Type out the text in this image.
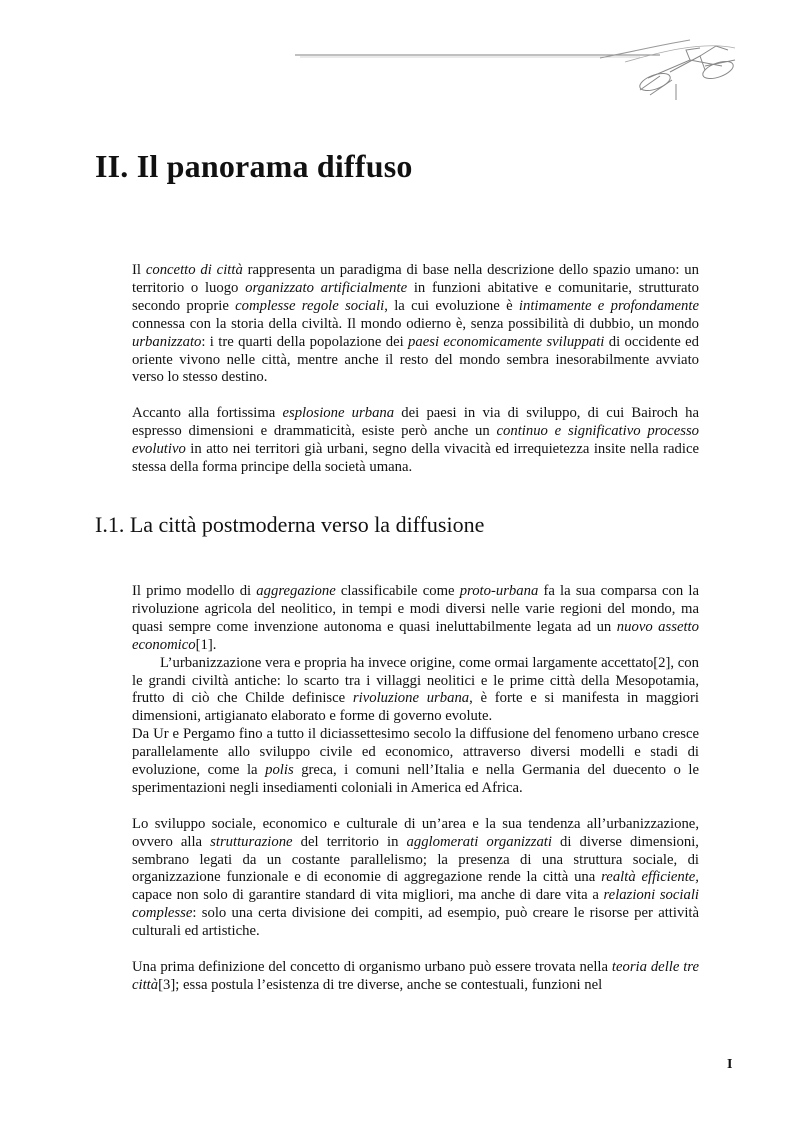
II. Il panorama diffuso

Il concetto di città rappresenta un paradigma di base nella descrizione dello spazio umano: un territorio o luogo organizzato artificialmente in funzioni abitative e comunitarie, strutturato secondo proprie complesse regole sociali, la cui evoluzione è intimamente e profondamente connessa con la storia della civiltà. Il mondo odierno è, senza possibilità di dubbio, un mondo urbanizzato: i tre quarti della popolazione dei paesi economicamente sviluppati di occidente ed oriente vivono nelle città, mentre anche il resto del mondo sembra inesorabilmente avviato verso lo stesso destino.

Accanto alla fortissima esplosione urbana dei paesi in via di sviluppo, di cui Bairoch ha espresso dimensioni e drammaticità, esiste però anche un continuo e significativo processo evolutivo in atto nei territori già urbani, segno della vivacità ed irrequietezza insite nella radice stessa della forma principe della società umana.

I.1. La città postmoderna verso la diffusione

Il primo modello di aggregazione classificabile come proto-urbana fa la sua comparsa con la rivoluzione agricola del neolitico, in tempi e modi diversi nelle varie regioni del mondo, ma quasi sempre come invenzione autonoma e quasi ineluttabilmente legata ad un nuovo assetto economico[1].

L’urbanizzazione vera e propria ha invece origine, come ormai largamente accettato[2], con le grandi civiltà antiche: lo scarto tra i villaggi neolitici e le prime città della Mesopotamia, frutto di ciò che Childe definisce rivoluzione urbana, è forte e si manifesta in maggiori dimensioni, artigianato elaborato e forme di governo evolute.

Da Ur e Pergamo fino a tutto il diciassettesimo secolo la diffusione del fenomeno urbano cresce parallelamente allo sviluppo civile ed economico, attraverso diversi modelli e stadi di evoluzione, come la polis greca, i comuni nell’Italia e nella Germania del duecento o le sperimentazioni negli insediamenti coloniali in America ed Africa.

Lo sviluppo sociale, economico e culturale di un’area e la sua tendenza all’urbanizzazione, ovvero alla strutturazione del territorio in agglomerati organizzati di diverse dimensioni, sembrano legati da un costante parallelismo; la presenza di una struttura sociale, di organizzazione funzionale e di economie di aggregazione rende la città una realtà efficiente, capace non solo di garantire standard di vita migliori, ma anche di dare vita a relazioni sociali complesse: solo una certa divisione dei compiti, ad esempio, può creare le risorse per attività culturali ed artistiche.

Una prima definizione del concetto di organismo urbano può essere trovata nella teoria delle tre città[3]; essa postula l’esistenza di tre diverse, anche se contestuali, funzioni nel

I
